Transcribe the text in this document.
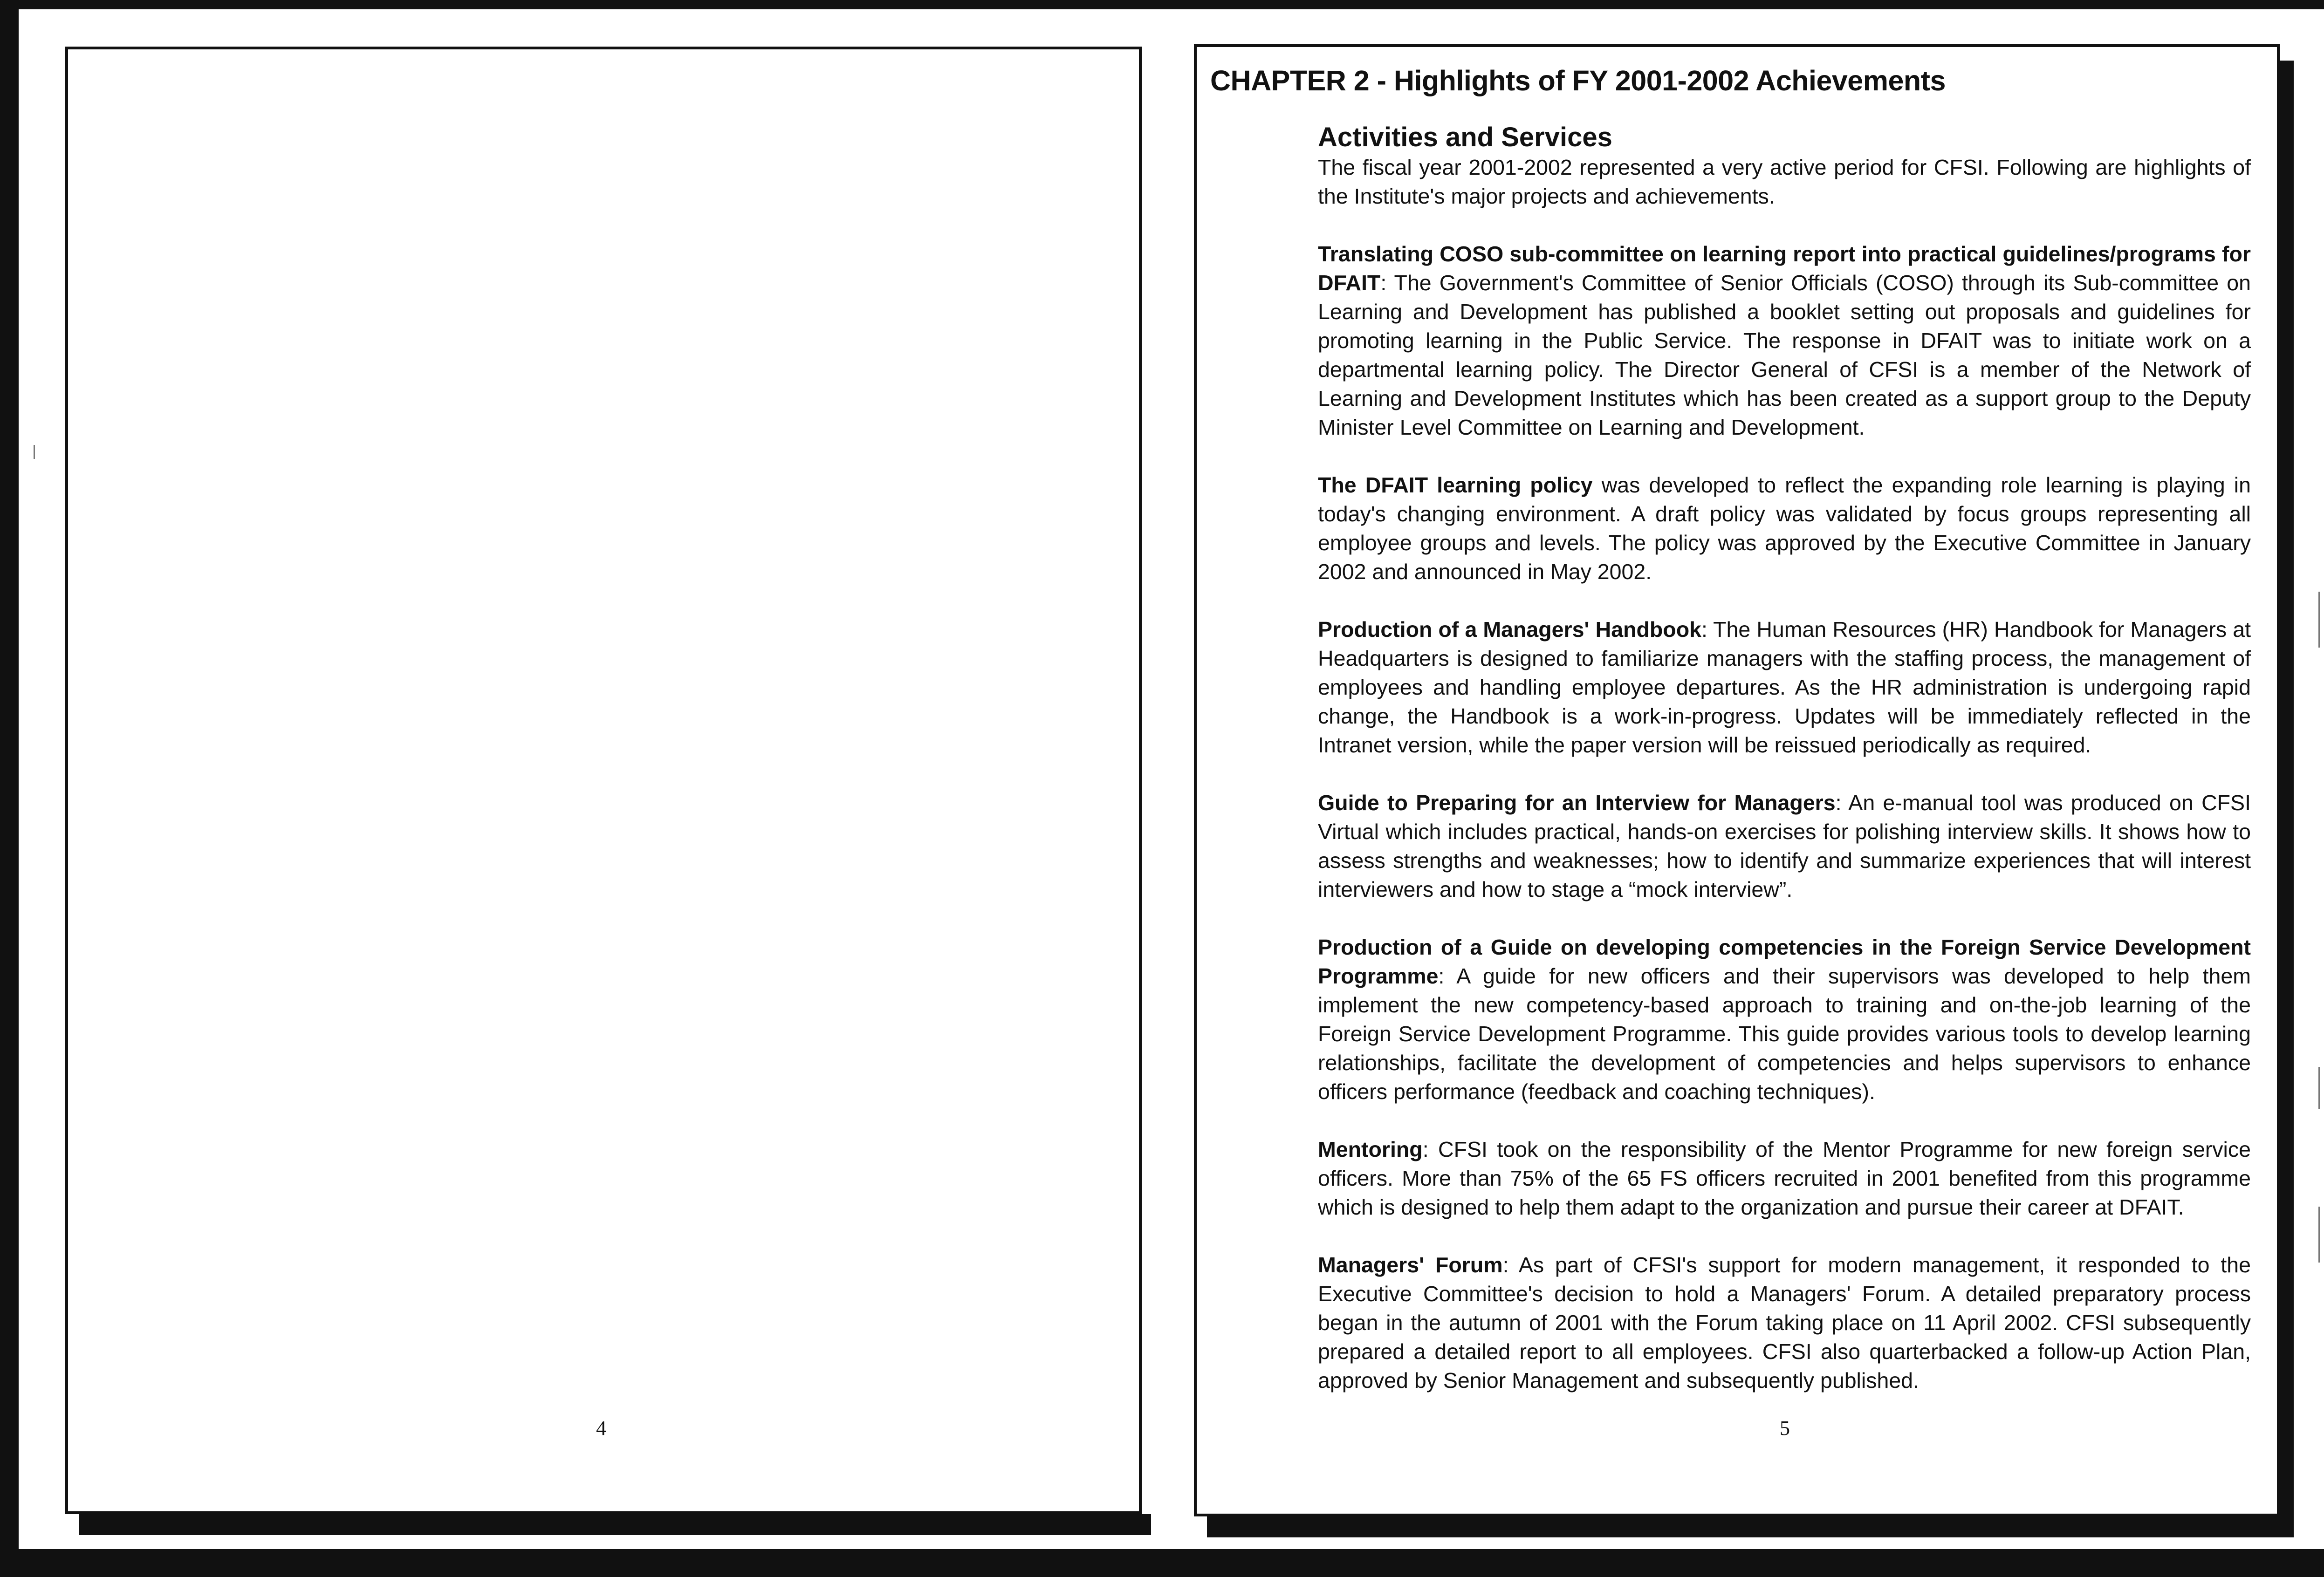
4
CHAPTER 2 - Highlights of FY 2001-2002 Achievements
Activities and Services

The fiscal year 2001-2002 represented a very active period for CFSI. Following are highlights of the Institute's major projects and achievements.

Translating COSO sub-committee on learning report into practical guidelines/programs for DFAIT: The Government's Committee of Senior Officials (COSO) through its Sub-committee on Learning and Development has published a booklet setting out proposals and guidelines for promoting learning in the Public Service. The response in DFAIT was to initiate work on a departmental learning policy. The Director General of CFSI is a member of the Network of Learning and Development Institutes which has been created as a support group to the Deputy Minister Level Committee on Learning and Development.

The DFAIT learning policy was developed to reflect the expanding role learning is playing in today's changing environment. A draft policy was validated by focus groups representing all employee groups and levels. The policy was approved by the Executive Committee in January 2002 and announced in May 2002.

Production of a Managers' Handbook: The Human Resources (HR) Handbook for Managers at Headquarters is designed to familiarize managers with the staffing process, the management of employees and handling employee departures. As the HR administration is undergoing rapid change, the Handbook is a work-in-progress. Updates will be immediately reflected in the Intranet version, while the paper version will be reissued periodically as required.

Guide to Preparing for an Interview for Managers: An e-manual tool was produced on CFSI Virtual which includes practical, hands-on exercises for polishing interview skills. It shows how to assess strengths and weaknesses; how to identify and summarize experiences that will interest interviewers and how to stage a “mock interview”.

Production of a Guide on developing competencies in the Foreign Service Development Programme: A guide for new officers and their supervisors was developed to help them implement the new competency-based approach to training and on-the-job learning of the Foreign Service Development Programme. This guide provides various tools to develop learning relationships, facilitate the development of competencies and helps supervisors to enhance officers performance (feedback and coaching techniques).

Mentoring: CFSI took on the responsibility of the Mentor Programme for new foreign service officers. More than 75% of the 65 FS officers recruited in 2001 benefited from this programme which is designed to help them adapt to the organization and pursue their career at DFAIT.

Managers' Forum: As part of CFSI's support for modern management, it responded to the Executive Committee's decision to hold a Managers' Forum. A detailed preparatory process began in the autumn of 2001 with the Forum taking place on 11 April 2002. CFSI subsequently prepared a detailed report to all employees. CFSI also quarterbacked a follow-up Action Plan, approved by Senior Management and subsequently published.

5
